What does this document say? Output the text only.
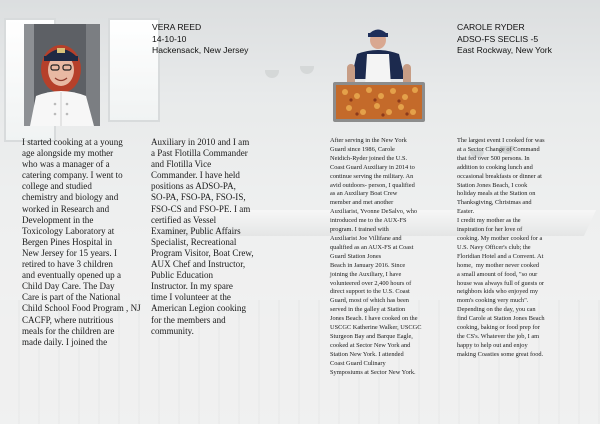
VERA REED
14-10-10
Hackensack, New Jersey
CAROLE RYDER
ADSO-FS SECLIS -5
East Rockway, New York
I started cooking at a young
age alongside my mother
who was a manager of a
catering company. I went to
college and studied
chemistry and biology and
worked in Research and
Development in the
Toxicology Laboratory at
Bergen Pines Hospital in
New Jersey for 15 years. I
retired to have 3 children
and eventually opened up a
Child Day Care. The Day
Care is part of the National
Child School Food Program , NJ
CACFP, where nutritious
meals for the children are
made daily. I joined the
Auxiliary in 2010 and I am
a Past Flotilla Commander
and Flotilla Vice
Commander. I have held
positions as ADSO-PA,
SO-PA, FSO-PA, FSO-IS,
FSO-CS and FSO-PE. I am
certified as Vessel
Examiner, Public Affairs
Specialist, Recreational
Program Visitor, Boat Crew,
AUX Chef and Instructor,
Public Education
Instructor. In my spare
time I volunteer at the
American Legion cooking
for the members and
community.
After serving in the New York
Guard since 1986, Carole
Neidich-Ryder joined the U.S.
Coast Guard Auxiliary in 2014 to
continue serving the military. An
avid outdoors- person, I qualified
as an Auxiliary Boat Crew
member and met another
Auxiliarist, Yvonne DeSalvo, who
introduced me to the AUX-FS
program. I trained with
Auxiliarist Joe Villifane and
qualified as an AUX-FS at Coast
Guard Station Jones
Beach in January 2016. Since
joining the Auxiliary, I have
volunteered over 2,400 hours of
direct support to the U.S. Coast
Guard, most of which has been
served in the galley at Station
Jones Beach. I have cooked on the
USCGC Katherine Walker, USCGC
Sturgeon Bay and Barque Eagle,
cooked at Sector New York and
Station New York. I attended
Coast Guard Culinary
Symposiums at Sector New York.
The largest event I cooked for was
at a Sector Change of Command
that fed over 500 persons. In
addition to cooking lunch and
occasional breakfasts or dinner at
Station Jones Beach, I cook
holiday meals at the Station on
Thanksgiving, Christmas and
Easter.
I credit my mother as the
inspiration for her love of
cooking. My mother cooked for a
U.S. Navy Officer's club; the
Floridian Hotel and a Convent. At
home,  my mother never cooked
a small amount of food, "so our
house was always full of guests or
neighbors kids who enjoyed my
mom's cooking very much".
Depending on the day, you can
find Carole at Station Jones Beach
cooking, baking or food prep for
the CS's. Whatever the job, I am
happy to help out and enjoy
making Coasties some great food.
